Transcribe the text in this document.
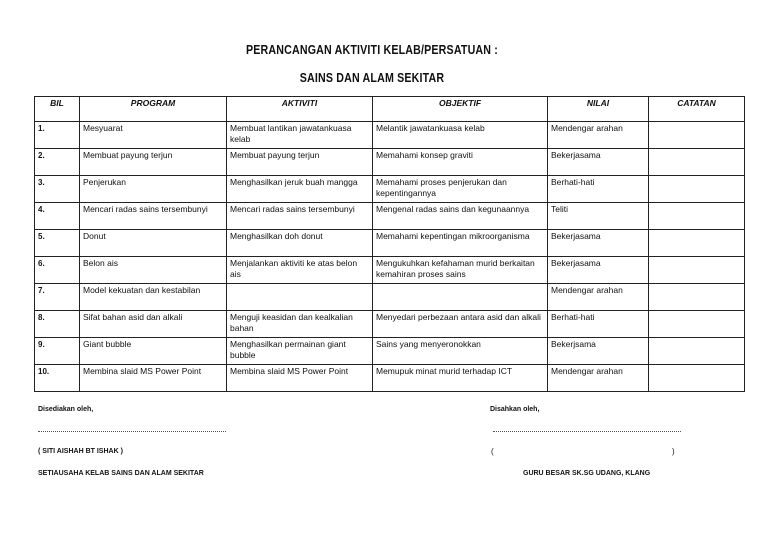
PERANCANGAN AKTIVITI KELAB/PERSATUAN :
SAINS DAN ALAM SEKITAR
BIL	PROGRAM	AKTIVITI	OBJEKTIF	NILAI	CATATAN
1.	Mesyuarat	Membuat lantikan jawatankuasa kelab	Melantik jawatankuasa kelab	Mendengar arahan	
2.	Membuat payung terjun	Membuat payung terjun	Memahami konsep graviti	Bekerjasama	
3.	Penjerukan	Menghasilkan jeruk buah mangga	Memahami proses penjerukan dan kepentingannya	Berhati-hati	
4.	Mencari radas sains tersembunyi	Mencari radas sains tersembunyi	Mengenal radas sains dan kegunaannya	Teliti	
5.	Donut	Menghasilkan doh donut	Memahami kepentingan mikroorganisma	Bekerjasama	
6.	Belon ais	Menjalankan aktiviti ke atas belon ais	Mengukuhkan kefahaman murid berkaitan kemahiran proses sains	Bekerjasama	
7.	Model kekuatan dan kestabilan			Mendengar arahan	
8.	Sifat bahan asid dan alkali	Menguji keasidan dan kealkalian bahan	Menyedari perbezaan antara asid dan alkali	Berhati-hati	
9.	Giant bubble	Menghasilkan permainan giant bubble	Sains yang menyeronokkan	Bekerjsama	
10.	Membina slaid MS Power Point	Membina slaid MS Power Point	Memupuk minat murid terhadap ICT	Mendengar arahan	
Disediakan oleh,	Disahkan oleh,
( SITI AISHAH BT ISHAK )	(	)
SETIAUSAHA KELAB SAINS DAN ALAM SEKITAR	GURU BESAR SK.SG UDANG, KLANG
